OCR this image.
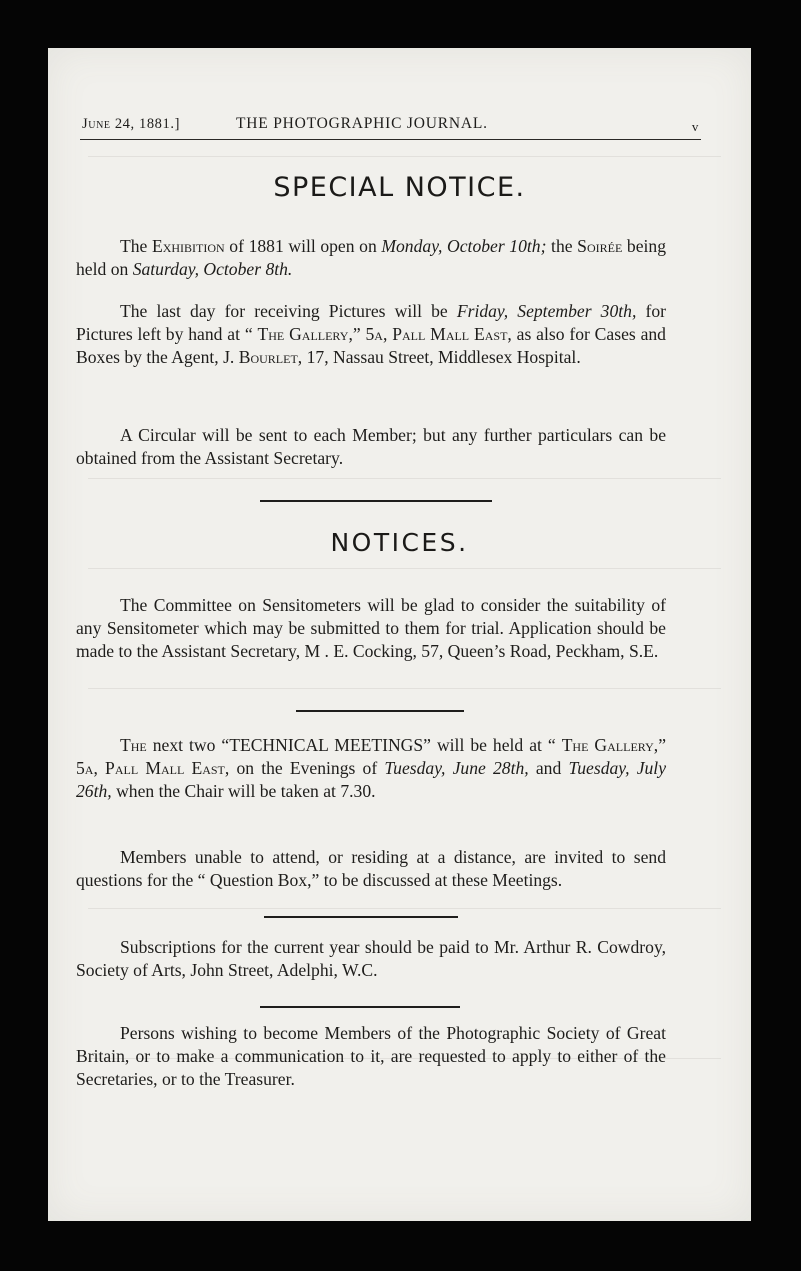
June 24, 1881.]	THE PHOTOGRAPHIC JOURNAL.	v
SPECIAL NOTICE.
The Exhibition of 1881 will open on Monday, October 10th; the Soirée being held on Saturday, October 8th.
The last day for receiving Pictures will be Friday, September 30th, for Pictures left by hand at “ The Gallery,” 5a, Pall Mall East, as also for Cases and Boxes by the Agent, J. Bourlet, 17, Nassau Street, Middlesex Hospital.
A Circular will be sent to each Member; but any further particulars can be obtained from the Assistant Secretary.
NOTICES.
The Committee on Sensitometers will be glad to consider the suitability of any Sensitometer which may be submitted to them for trial. Application should be made to the Assistant Secretary, M . E. Cocking, 57, Queen’s Road, Peckham, S.E.
The next two “TECHNICAL MEETINGS” will be held at “ The Gallery,” 5a, Pall Mall East, on the Evenings of Tuesday, June 28th, and Tuesday, July 26th, when the Chair will be taken at 7.30.
Members unable to attend, or residing at a distance, are invited to send questions for the “ Question Box,” to be discussed at these Meetings.
Subscriptions for the current year should be paid to Mr. Arthur R. Cowdroy, Society of Arts, John Street, Adelphi, W.C.
Persons wishing to become Members of the Photographic Society of Great Britain, or to make a communication to it, are requested to apply to either of the Secretaries, or to the Treasurer.
